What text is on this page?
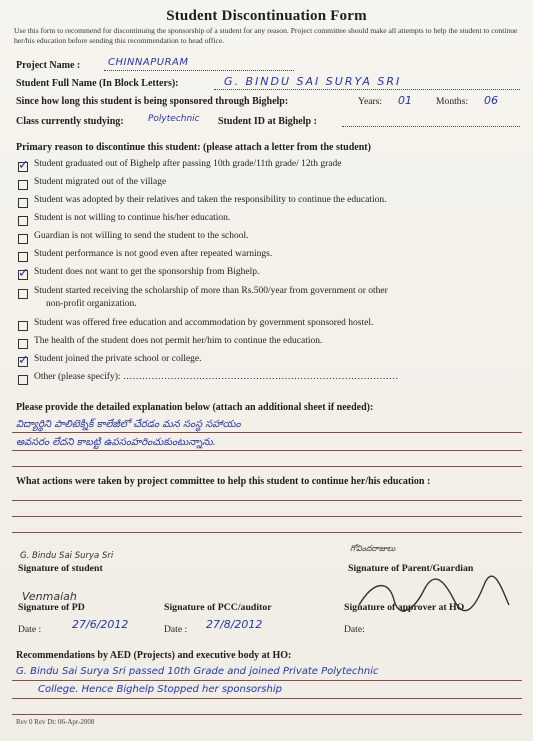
Student Discontinuation Form
Use this form to recommend for discontinuing the sponsorship of a student for any reason. Project committee should make all attempts to help the student to continue her/his education before sending this recommendation to head office.
Project Name :	CHINNAPURAM
Student Full Name (In Block Letters):	G. BINDU SAI SURYA SRI
Since how long this student is being sponsored through Bighelp:	Years: 01	Months: 06
Class currently studying:	Polytechnic Student ID at Bighelp :
Primary reason to discontinue this student: (please attach a letter from the student)
✓ Student graduated out of Bighelp after passing 10th grade/11th grade/ 12th grade
Student migrated out of the village
Student was adopted by their relatives and taken the responsibility to continue the education.
Student is not willing to continue his/her education.
Guardian is not willing to send the student to the school.
Student performance is not good even after repeated warnings.
✓ Student does not want to get the sponsorship from Bighelp.
Student started receiving the scholarship of more than Rs.500/year from government or other
non-profit organization.
Student was offered free education and accommodation by government sponsored hostel.
The health of the student does not permit her/him to continue the education.
✓ Student joined the private school or college.
Other (please specify): ……………………………………………………………………………
Please provide the detailed explanation below (attach an additional sheet if needed):
విద్యార్థిని పాలిటెక్నిక్ కాలేజీలో చేరడం మన సంస్థ సహాయం
అవసరం లేదని కాబట్టి ఉపసంహరించుకుంటున్నాను.
What actions were taken by project committee to help this student to continue her/his education :
G. Bindu Sai Surya Sri
Signature of student
గోవిందరాజులు
Signature of Parent/Guardian
Venmaiah
Signature of PD	Signature of PCC/auditor	Signature of approver at HO
Date :	27/6/2012	Date : 27/8/2012	Date:
Recommendations by AED (Projects) and executive body at HO:
G. Bindu Sai Surya Sri passed 10th Grade and joined Private Polytechnic
College. Hence Bighelp Stopped her sponsorship
Rev 0 Rev Dt: 06-Apr-2008
